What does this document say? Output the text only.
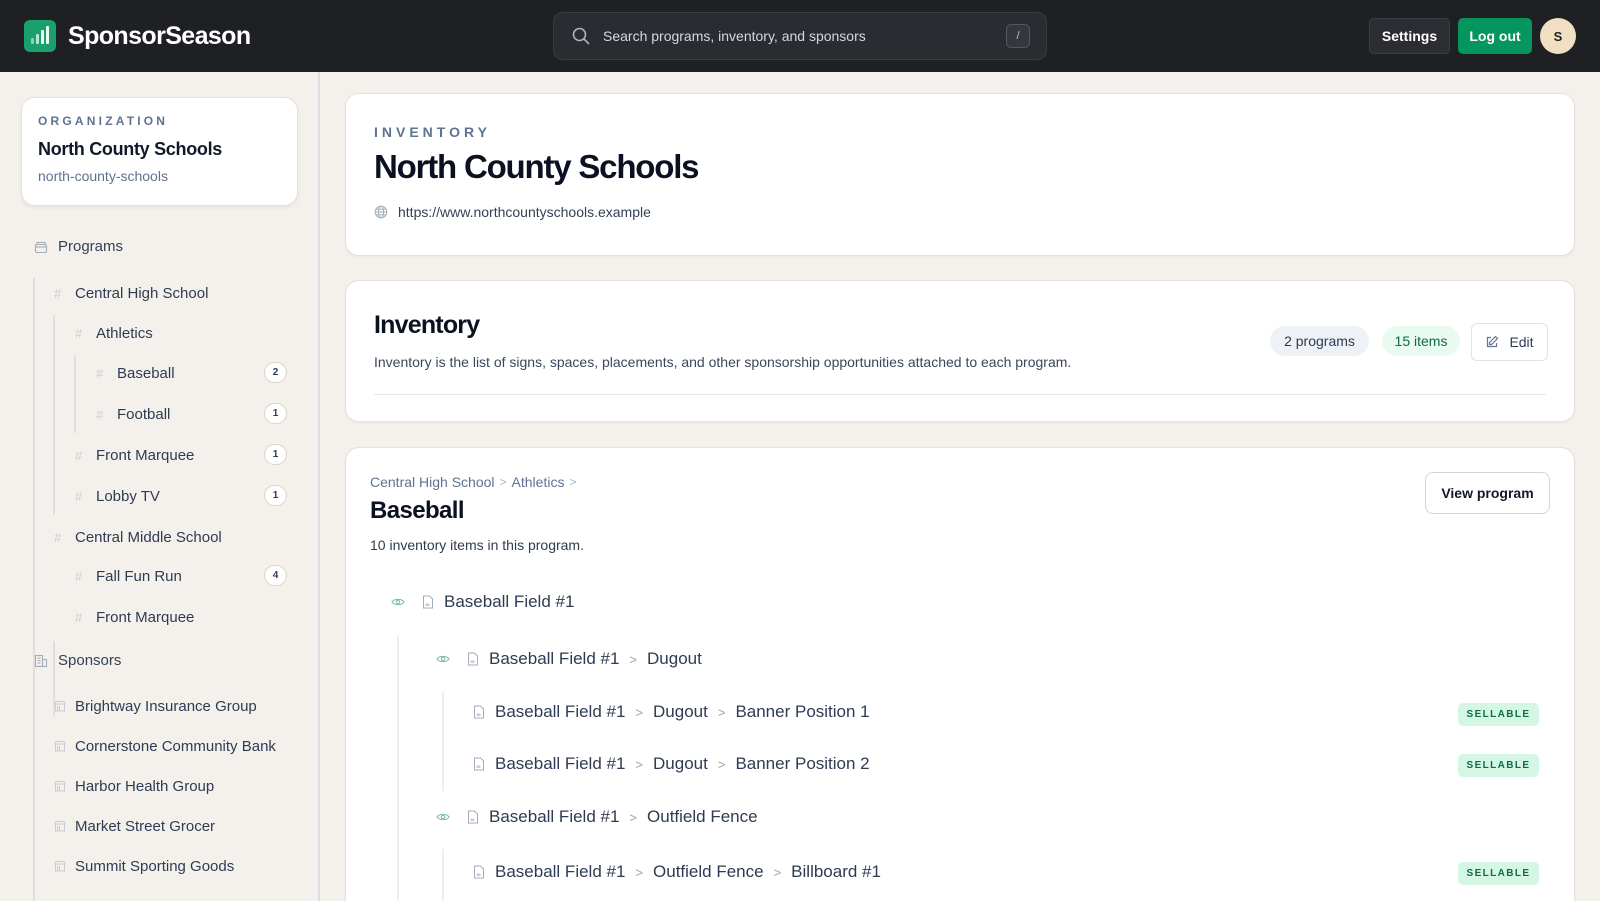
SponsorSeason
Search programs, inventory, and sponsors	/	Settings	Log out	S
ORGANIZATION
North County Schools
north-county-schools
Programs
# Central High School
# Athletics
# Baseball	2
# Football	1
# Front Marquee	1
# Lobby TV	1
# Central Middle School
# Fall Fun Run	4
# Front Marquee
Sponsors
Brightway Insurance Group
Cornerstone Community Bank
Harbor Health Group
Market Street Grocer
Summit Sporting Goods
INVENTORY
North County Schools
https://www.northcountyschools.example
Inventory

Inventory is the list of signs, spaces, placements, and other sponsorship opportunities attached to each program.

2 programs	15 items	Edit
Central High School > Athletics >
Baseball

10 inventory items in this program.

View program
Baseball Field #1
Baseball Field #1 > Dugout
Baseball Field #1 > Dugout > Banner Position 1	SELLABLE
Baseball Field #1 > Dugout > Banner Position 2	SELLABLE
Baseball Field #1 > Outfield Fence
Baseball Field #1 > Outfield Fence > Billboard #1	SELLABLE
